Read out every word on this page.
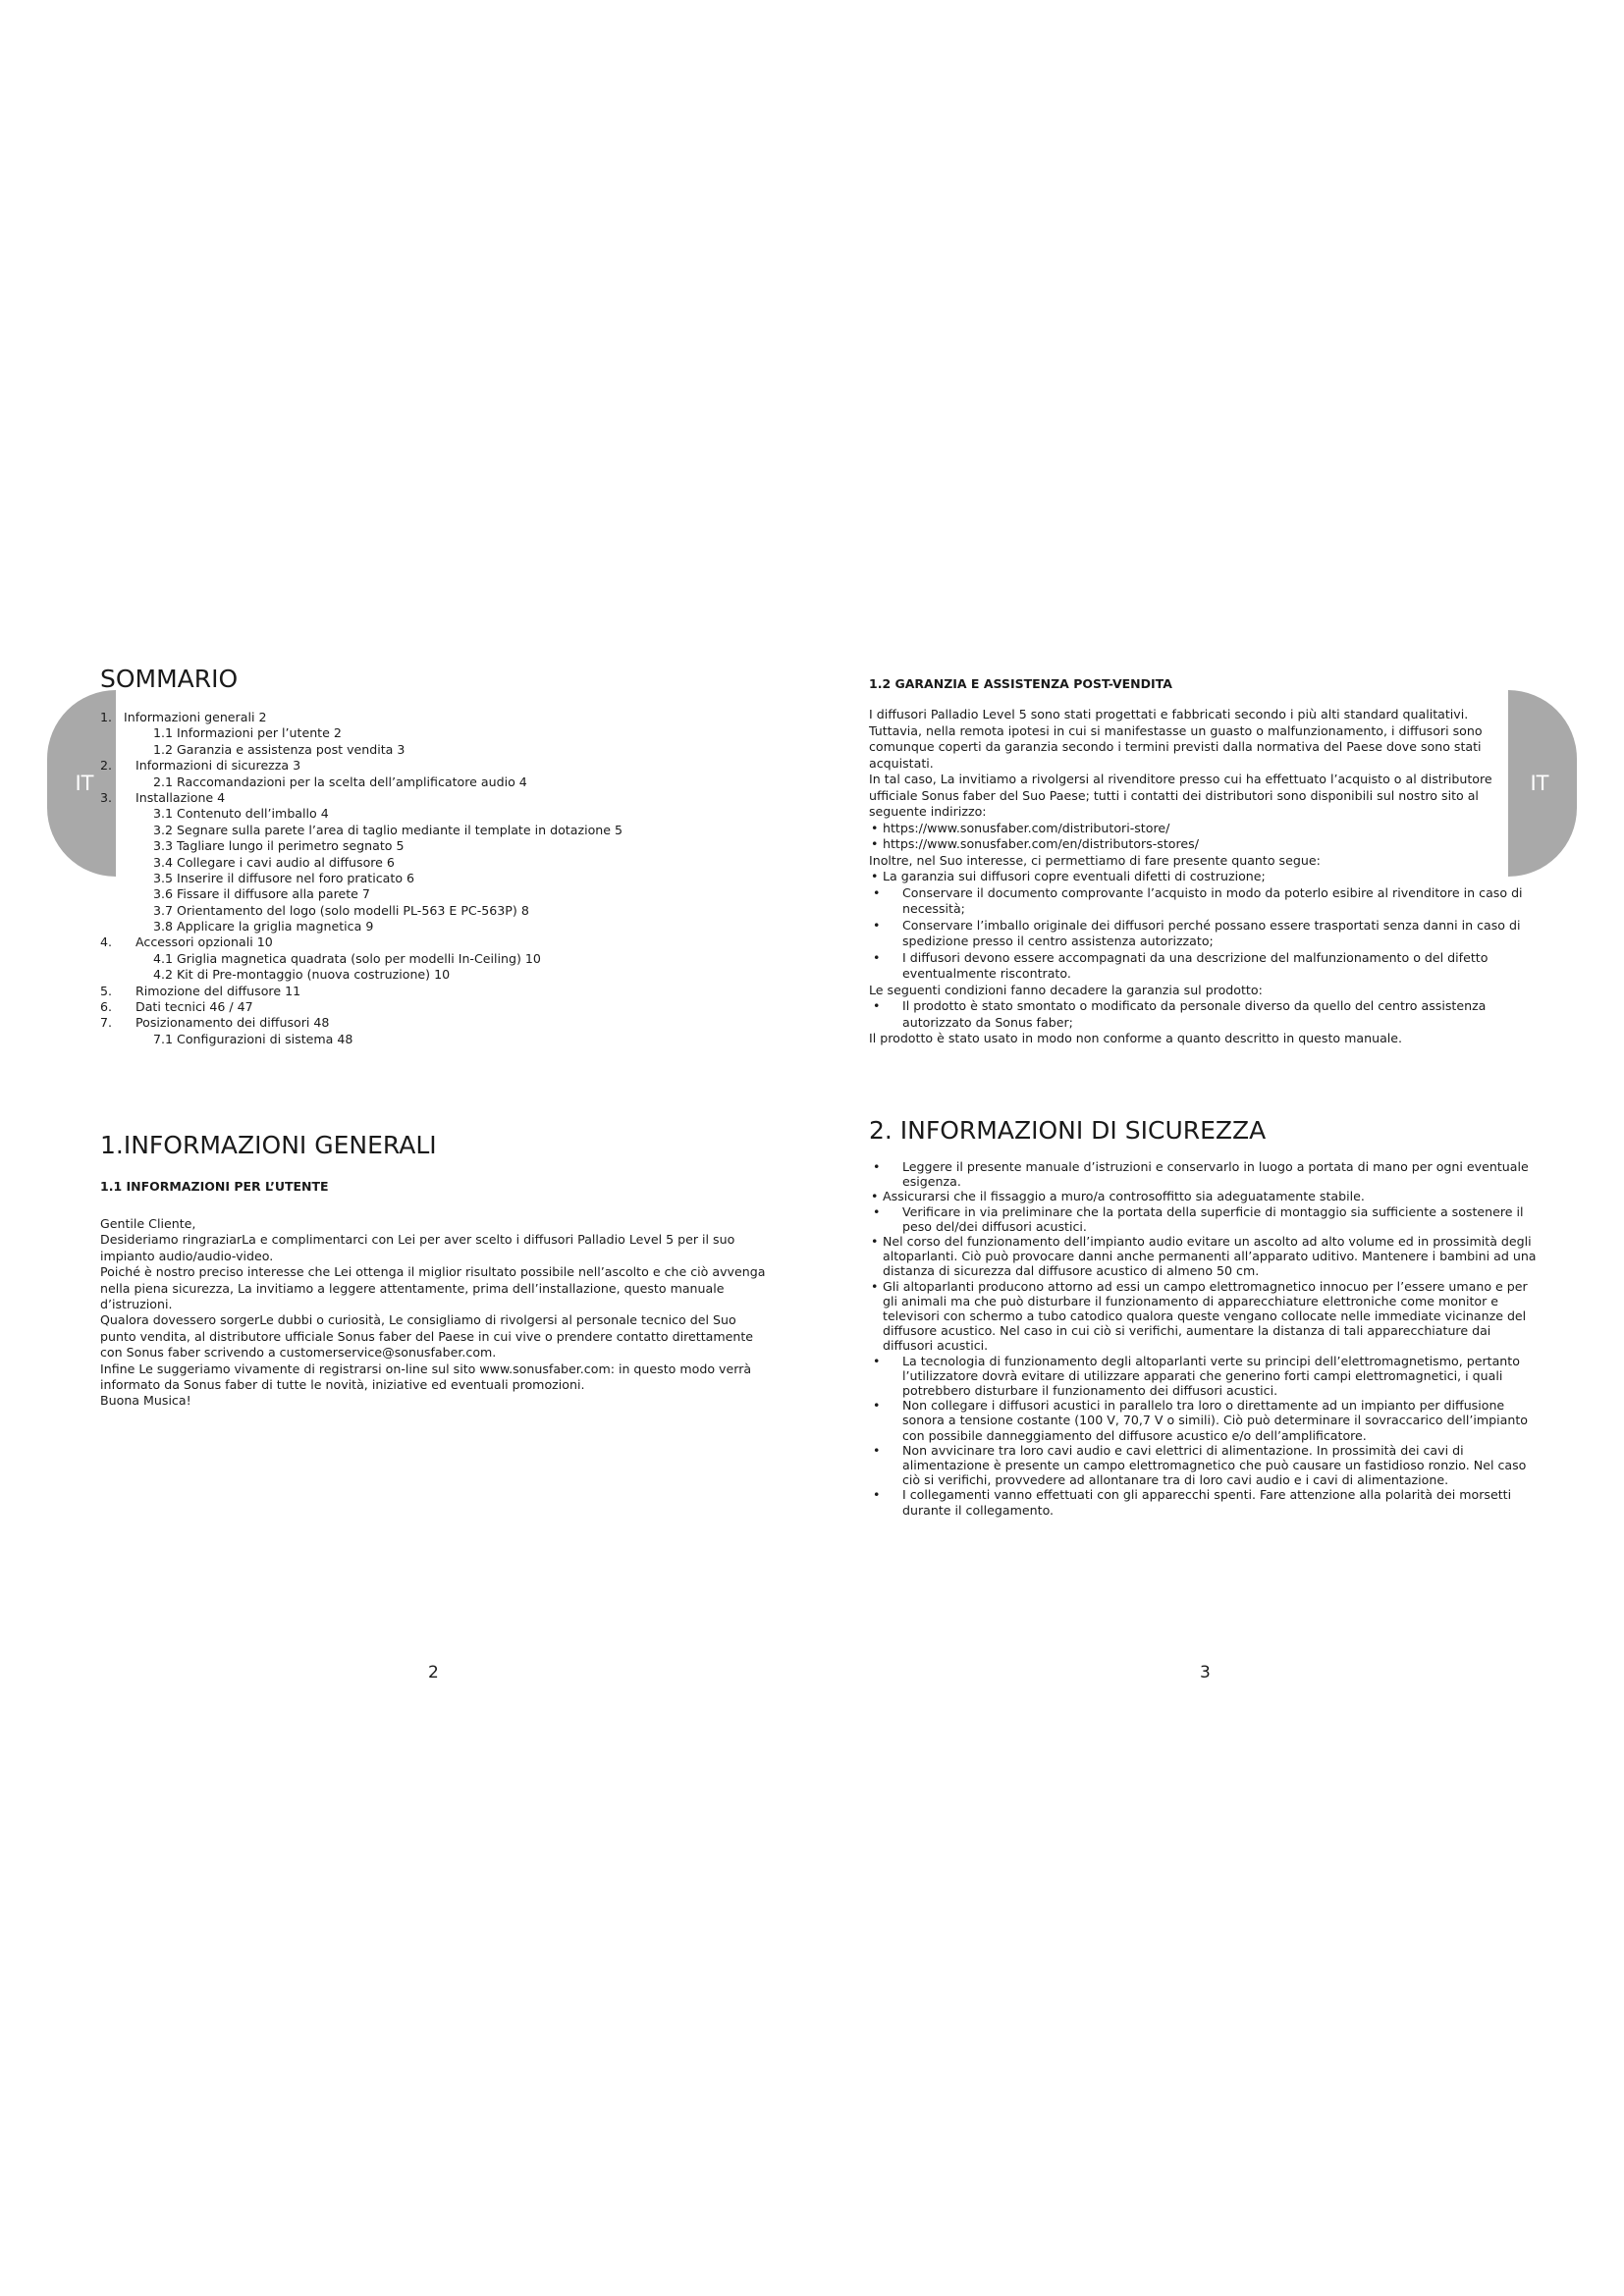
IT	IT
SOMMARIO
1. Informazioni generali 2
1.1 Informazioni per l’utente 2
1.2 Garanzia e assistenza post vendita 3
2. Informazioni di sicurezza 3
2.1 Raccomandazioni per la scelta dell’amplificatore audio 4
3. Installazione 4
3.1 Contenuto dell’imballo 4
3.2 Segnare sulla parete l’area di taglio mediante il template in dotazione 5
3.3 Tagliare lungo il perimetro segnato 5
3.4 Collegare i cavi audio al diffusore 6
3.5 Inserire il diffusore nel foro praticato 6
3.6 Fissare il diffusore alla parete 7
3.7 Orientamento del logo (solo modelli PL-563 E PC-563P) 8
3.8 Applicare la griglia magnetica 9
4. Accessori opzionali 10
4.1 Griglia magnetica quadrata (solo per modelli In-Ceiling) 10
4.2 Kit di Pre-montaggio (nuova costruzione) 10
5. Rimozione del diffusore 11
6. Dati tecnici 46 / 47
7. Posizionamento dei diffusori 48
7.1 Configurazioni di sistema 48
1.INFORMAZIONI GENERALI
1.1 INFORMAZIONI PER L’UTENTE
Gentile Cliente,
Desideriamo ringraziarLa e complimentarci con Lei per aver scelto i diffusori Palladio Level 5 per il suo impianto audio/audio-video.
Poiché è nostro preciso interesse che Lei ottenga il miglior risultato possibile nell’ascolto e che ciò avvenga nella piena sicurezza, La invitiamo a leggere attentamente, prima dell’installazione, questo manuale d’istruzioni.
Qualora dovessero sorgerLe dubbi o curiosità, Le consigliamo di rivolgersi al personale tecnico del Suo punto vendita, al distributore ufficiale Sonus faber del Paese in cui vive o prendere contatto direttamente con Sonus faber scrivendo a customerservice@sonusfaber.com.
Infine Le suggeriamo vivamente di registrarsi on-line sul sito www.sonusfaber.com: in questo modo verrà informato da Sonus faber di tutte le novità, iniziative ed eventuali promozioni.
Buona Musica!
2
1.2 GARANZIA E ASSISTENZA POST-VENDITA
I diffusori Palladio Level 5 sono stati progettati e fabbricati secondo i più alti standard qualitativi.
Tuttavia, nella remota ipotesi in cui si manifestasse un guasto o malfunzionamento, i diffusori sono comunque coperti da garanzia secondo i termini previsti dalla normativa del Paese dove sono stati acquistati.
In tal caso, La invitiamo a rivolgersi al rivenditore presso cui ha effettuato l’acquisto o al distributore ufficiale Sonus faber del Suo Paese; tutti i contatti dei distributori sono disponibili sul nostro sito al seguente indirizzo:
• https://www.sonusfaber.com/distributori-store/
• https://www.sonusfaber.com/en/distributors-stores/
Inoltre, nel Suo interesse, ci permettiamo di fare presente quanto segue:
• La garanzia sui diffusori copre eventuali difetti di costruzione;
• Conservare il documento comprovante l’acquisto in modo da poterlo esibire al rivenditore in caso di necessità;
• Conservare l’imballo originale dei diffusori perché possano essere trasportati senza danni in caso di spedizione presso il centro assistenza autorizzato;
• I diffusori devono essere accompagnati da una descrizione del malfunzionamento o del difetto eventualmente riscontrato.
Le seguenti condizioni fanno decadere la garanzia sul prodotto:
• Il prodotto è stato smontato o modificato da personale diverso da quello del centro assistenza autorizzato da Sonus faber;
Il prodotto è stato usato in modo non conforme a quanto descritto in questo manuale.
2. INFORMAZIONI DI SICUREZZA
• Leggere il presente manuale d’istruzioni e conservarlo in luogo a portata di mano per ogni eventuale esigenza.
• Assicurarsi che il fissaggio a muro/a controsoffitto sia adeguatamente stabile.
• Verificare in via preliminare che la portata della superficie di montaggio sia sufficiente a sostenere il peso del/dei diffusori acustici.
• Nel corso del funzionamento dell’impianto audio evitare un ascolto ad alto volume ed in prossimità degli altoparlanti. Ciò può provocare danni anche permanenti all’apparato uditivo. Mantenere i bambini ad una distanza di sicurezza dal diffusore acustico di almeno 50 cm.
• Gli altoparlanti producono attorno ad essi un campo elettromagnetico innocuo per l’essere umano e per gli animali ma che può disturbare il funzionamento di apparecchiature elettroniche come monitor e televisori con schermo a tubo catodico qualora queste vengano collocate nelle immediate vicinanze del diffusore acustico. Nel caso in cui ciò si verifichi, aumentare la distanza di tali apparecchiature dai diffusori acustici.
• La tecnologia di funzionamento degli altoparlanti verte su principi dell’elettromagnetismo, pertanto l’utilizzatore dovrà evitare di utilizzare apparati che generino forti campi elettromagnetici, i quali potrebbero disturbare il funzionamento dei diffusori acustici.
• Non collegare i diffusori acustici in parallelo tra loro o direttamente ad un impianto per diffusione sonora a tensione costante (100 V, 70,7 V o simili). Ciò può determinare il sovraccarico dell’impianto con possibile danneggiamento del diffusore acustico e/o dell’amplificatore.
• Non avvicinare tra loro cavi audio e cavi elettrici di alimentazione. In prossimità dei cavi di alimentazione è presente un campo elettromagnetico che può causare un fastidioso ronzio. Nel caso ciò si verifichi, provvedere ad allontanare tra di loro cavi audio e i cavi di alimentazione.
• I collegamenti vanno effettuati con gli apparecchi spenti. Fare attenzione alla polarità dei morsetti durante il collegamento.
3
